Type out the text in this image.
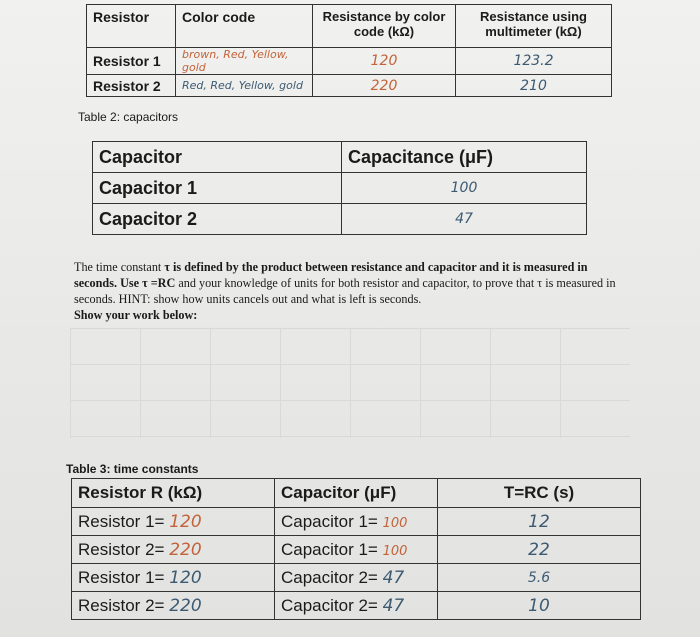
Resistor	Color code	Resistance by color code (kΩ)	Resistance using multimeter (kΩ)
Resistor 1	brown, Red, Yellow, gold	120	123.2
Resistor 2	Red, Red, Yellow, gold	220	210
Table 2: capacitors
Capacitor	Capacitance (μF)
Capacitor 1	100
Capacitor 2	47
The time constant τ is defined by the product between resistance and capacitor and it is measured in seconds. Use τ =RC and your knowledge of units for both resistor and capacitor, to prove that τ is measured in seconds. HINT: show how units cancels out and what is left is seconds.
Show your work below:
Table 3: time constants
Resistor R (kΩ)	Capacitor (μF)	T=RC (s)
Resistor 1= 120	Capacitor 1= 100	12
Resistor 2= 220	Capacitor 1= 100	22
Resistor 1= 120	Capacitor 2= 47	5.6
Resistor 2= 220	Capacitor 2= 47	10
